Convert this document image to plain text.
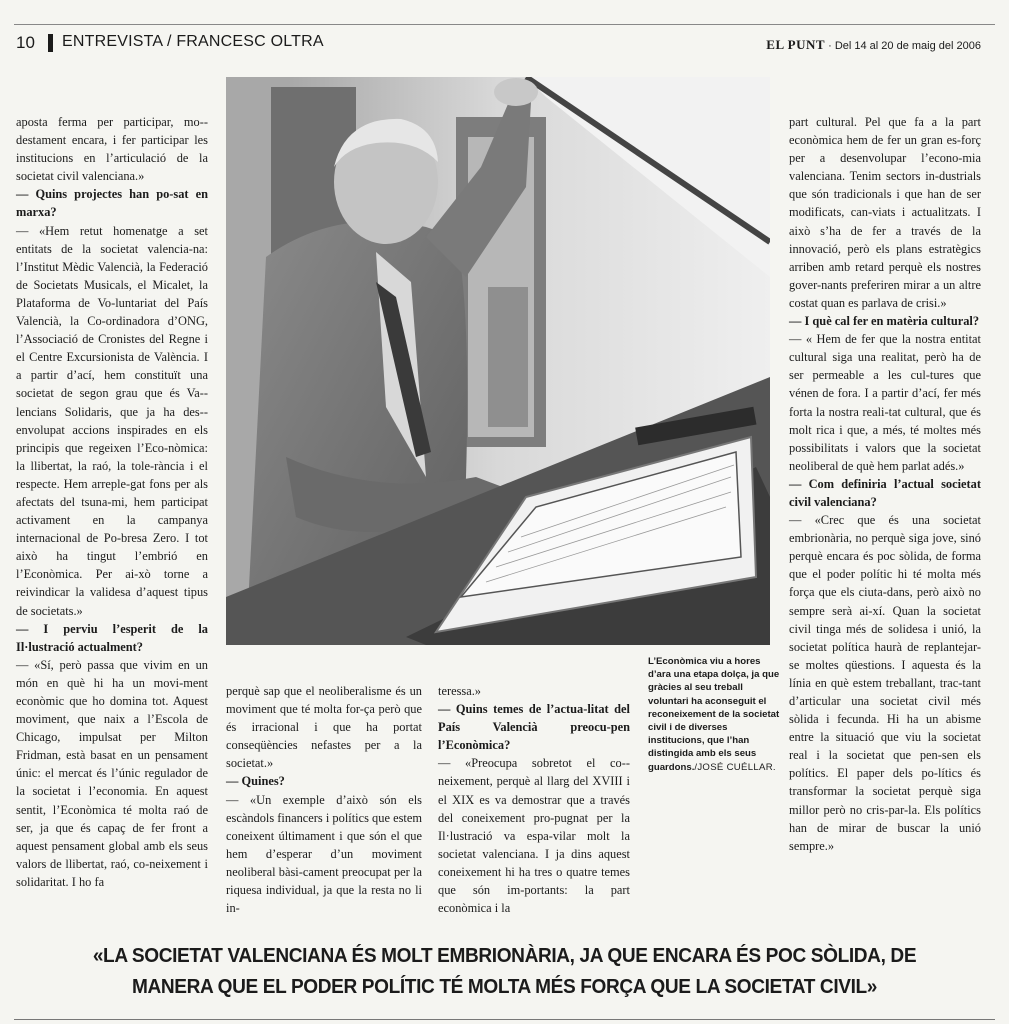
10 ENTREVISTA / FRANCESC OLTRA	EL PUNT · Del 14 al 20 de maig del 2006

aposta ferma per participar, mo-destament encara, i fer participar les institucions en l’articulació de la societat civil valenciana.»

— Quins projectes han po-sat en marxa?

— «Hem retut homenatge a set entitats de la societat valencia-na: l’Institut Mèdic Valencià, la Federació de Societats Musicals, el Micalet, la Plataforma de Vo-luntariat del País Valencià, la Co-ordinadora d’ONG, l’Associació de Cronistes del Regne i el Centre Excursionista de València. I a partir d’ací, hem constituït una societat de segon grau que és Va-lencians Solidaris, que ja ha des-envolupat accions inspirades en els principis que regeixen l’Eco-nòmica: la llibertat, la raó, la tole-rància i el respecte. Hem arreple-gat fons per als afectats del tsuna-mi, hem participat activament en la campanya internacional de Po-bresa Zero. I tot això ha tingut l’embrió en l’Econòmica. Per ai-xò torne a reivindicar la validesa d’aquest tipus de societats.»

— I perviu l’esperit de la Il·lustració actualment?

— «Sí, però passa que vivim en un món en què hi ha un movi-ment econòmic que ho domina tot. Aquest moviment, que naix a l’Escola de Chicago, impulsat per Milton Fridman, està basat en un pensament únic: el mercat és l’únic regulador de la societat i l’economia. En aquest sentit, l’Econòmica té molta raó de ser, ja que és capaç de fer front a aquest pensament global amb els seus valors de llibertat, raó, co-neixement i solidaritat. I ho fa

L’Econòmica viu a hores d’ara una etapa dolça, ja que gràcies al seu treball voluntari ha aconseguit el reconeixement de la societat civil i de diverses institucions, que l’han distingida amb els seus guardons./JOSÉ CUÉLLAR.

perquè sap que el neoliberalisme és un moviment que té molta for-ça però que és irracional i que ha portat conseqüències nefastes per a la societat.»

— Quines?

— «Un exemple d’això són els escàndols financers i polítics que estem coneixent últimament i que són el que hem d’esperar d’un moviment neoliberal bàsi-cament preocupat per la riquesa individual, ja que la resta no li in-

teressa.»

— Quins temes de l’actua-litat del País Valencià preocu-pen l’Econòmica?

— «Preocupa sobretot el co-neixement, perquè al llarg del XVIII i el XIX es va demostrar que a través del coneixement pro-pugnat per la Il·lustració va espa-vilar molt la societat valenciana. I ja dins aquest coneixement hi ha tres o quatre temes que són im-portants: la part econòmica i la

part cultural. Pel que fa a la part econòmica hem de fer un gran es-forç per a desenvolupar l’econo-mia valenciana. Tenim sectors in-dustrials que són tradicionals i que han de ser modificats, can-viats i actualitzats. I això s’ha de fer a través de la innovació, però els plans estratègics arriben amb retard perquè els nostres gover-nants preferiren mirar a un altre costat quan es parlava de crisi.»

— I què cal fer en matèria cultural?

— « Hem de fer que la nostra entitat cultural siga una realitat, però ha de ser permeable a les cul-tures que vénen de fora. I a partir d’ací, fer més forta la nostra reali-tat cultural, que és molt rica i que, a més, té moltes més possibilitats i valors que la societat neoliberal de què hem parlat adés.»

— Com definiria l’actual societat civil valenciana?

— «Crec que és una societat embrionària, no perquè siga jove, sinó perquè encara és poc sòlida, de forma que el poder polític hi té molta més força que els ciuta-dans, però això no sempre serà ai-xí. Quan la societat civil tinga més de solidesa i unió, la societat política haurà de replantejar-se moltes qüestions. I aquesta és la línia en què estem treballant, trac-tant d’articular una societat civil més sòlida i fecunda. Hi ha un abisme entre la situació que viu la societat real i la societat que pen-sen els polítics. El paper dels po-lítics és transformar la societat perquè siga millor però no cris-par-la. Els polítics han de mirar de buscar la unió sempre.»

«LA SOCIETAT VALENCIANA ÉS MOLT EMBRIONÀRIA, JA QUE ENCARA ÉS POC SÒLIDA, DE
MANERA QUE EL PODER POLÍTIC TÉ MOLTA MÉS FORÇA QUE LA SOCIETAT CIVIL»
